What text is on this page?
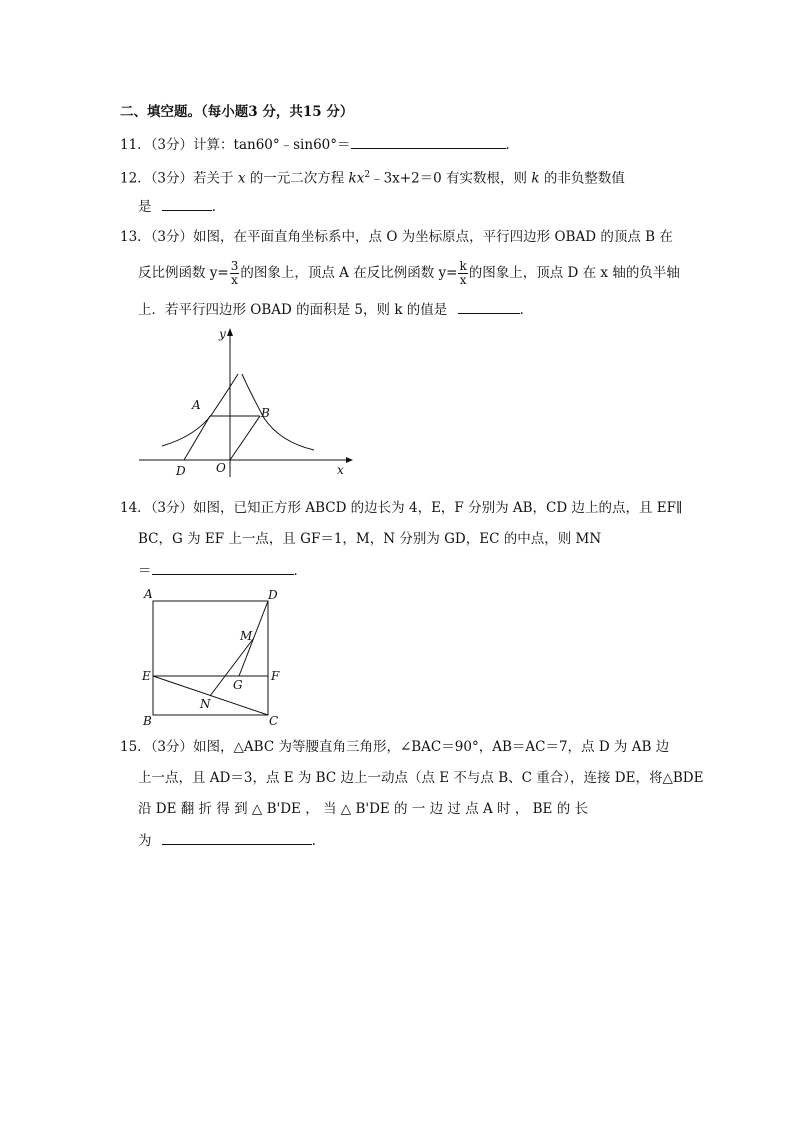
二、填空题。（每小题3 分，共15 分）
11．（3分）计算：tan60°﹣sin60°＝	．
12．（3分）若关于 x 的一元二次方程 $kx^2﹣3x+2=0$ 有实数根，则 k 的非负整数值
是	．
13．（3分）如图，在平面直角坐标系中，点 O 为坐标原点，平行四边形 OBAD 的顶点 B 在
反比例函数 $y= \frac{3}{x}$ 的图象上，顶点 A 在反比例函数 $y= \frac{k}{x}$ 的图象上，顶点 D 在 x 轴的负半轴
上．若平行四边形 OBAD 的面积是 5，则 k 的值是	．
y
x
A
B
D	O
14．（3分）如图，已知正方形 ABCD 的边长为 4，E，F 分别为 AB，CD 边上的点，且 EF∥
BC，G 为 EF 上一点，且 GF＝1，M，N 分别为 GD，EC 的中点，则 MN
＝	．
A	D
M
E	F
G
N
B	C
15．（3分）如图，△ABC 为等腰直角三角形，∠BAC＝90°，AB＝AC＝7，点 D 为 AB 边
上一点，且 AD＝3，点 E 为 BC 边上一动点（点 E 不与点 B、C 重合），连接 DE，将△BDE
沿 DE 翻 折 得 到 △ B'DE ， 当 △ B'DE 的 一 边 过 点 A 时 ， BE 的 长
为	．
